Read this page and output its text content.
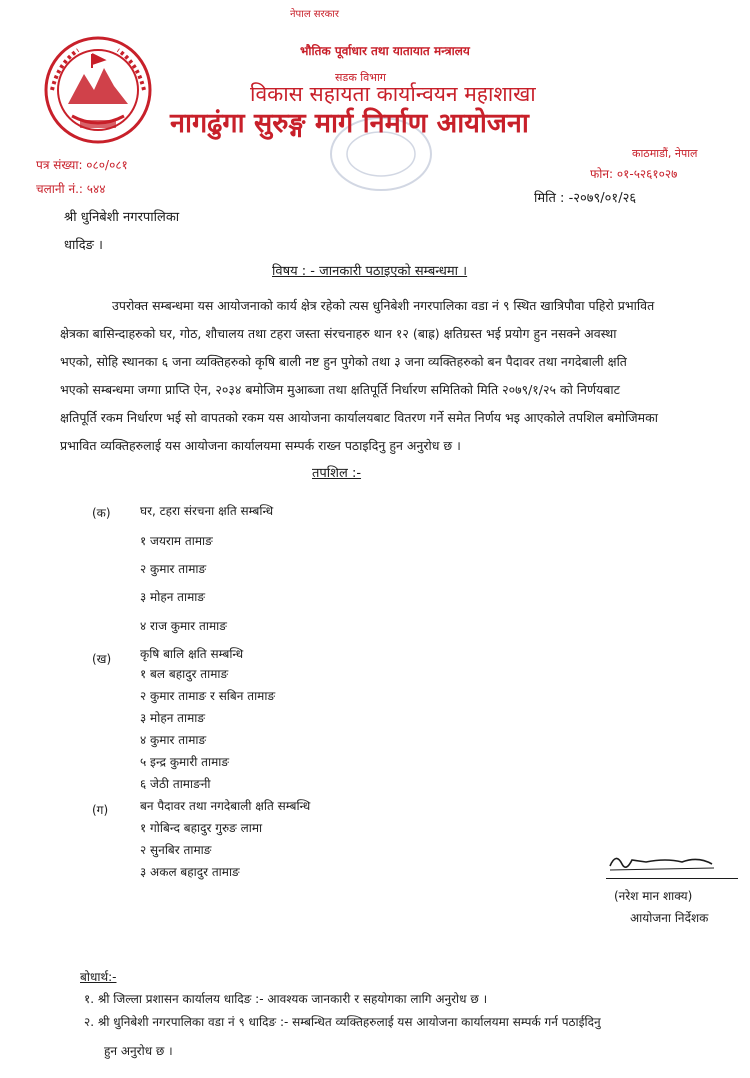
नेपाल सरकार
भौतिक पूर्वाधार तथा यातायात मन्त्रालय
सडक विभाग
विकास सहायता कार्यान्वयन महाशाखा
नागढुंगा सुरुङ्ग मार्ग निर्माण आयोजना
काठमाडौं, नेपाल
फोन: ०१-५२६१०२७
पत्र संख्या: ०८०/०८१
चलानी नं.: ५४४
मिति : -२०७९/०१/२६
श्री धुनिबेशी नगरपालिका
धादिङ ।
विषय : - जानकारी पठाइएको सम्बन्धमा ।
उपरोक्त सम्बन्धमा यस आयोजनाको कार्य क्षेत्र रहेको त्यस धुनिबेशी नगरपालिका वडा नं ९ स्थित खात्रिपौवा पहिरो प्रभावित
क्षेत्रका बासिन्दाहरुको घर, गोठ, शौचालय तथा टहरा जस्ता संरचनाहरु थान १२ (बाह्र) क्षतिग्रस्त भई प्रयोग हुन नसक्ने अवस्था
भएको, सोहि स्थानका ६ जना व्यक्तिहरुको कृषि बाली नष्ट हुन पुगेको तथा ३ जना व्यक्तिहरुको बन पैदावर तथा नगदेबाली क्षति
भएको सम्बन्धमा जग्गा प्राप्ति ऐन, २०३४ बमोजिम मुआब्जा तथा क्षतिपूर्ति निर्धारण समितिको मिति २०७९/१/२५ को निर्णयबाट
क्षतिपूर्ति रकम निर्धारण भई सो वापतको रकम यस आयोजना कार्यालयबाट वितरण गर्ने समेत निर्णय भइ आएकोले तपशिल बमोजिमका
प्रभावित व्यक्तिहरुलाई यस आयोजना कार्यालयमा सम्पर्क राख्न पठाइदिनु हुन अनुरोध छ ।
तपशिल :-
(क) घर, टहरा संरचना क्षति सम्बन्धि
१ जयराम तामाङ
२ कुमार तामाङ
३ मोहन तामाङ
४ राज कुमार तामाङ
(ख) कृषि बालि क्षति सम्बन्धि
१ बल बहादुर तामाङ
२ कुमार तामाङ र सबिन तामाङ
३ मोहन तामाङ
४ कुमार तामाङ
५ इन्द्र कुमारी तामाङ
६ जेठी तामाङनी
(ग)	बन पैदावर तथा नगदेबाली क्षति सम्बन्धि
१ गोबिन्द बहादुर गुरुङ लामा
२ सुनबिर तामाङ
३ अकल बहादुर तामाङ
(नरेश मान शाक्य)
आयोजना निर्देशक
बोधार्थ:-
१. श्री जिल्ला प्रशासन कार्यालय धादिङ :- आवश्यक जानकारी र सहयोगका लागि अनुरोध छ ।
२. श्री धुनिबेशी नगरपालिका वडा नं ९ धादिङ :- सम्बन्धित व्यक्तिहरुलाई यस आयोजना कार्यालयमा सम्पर्क गर्न पठाईदिनु
हुन अनुरोध छ ।
